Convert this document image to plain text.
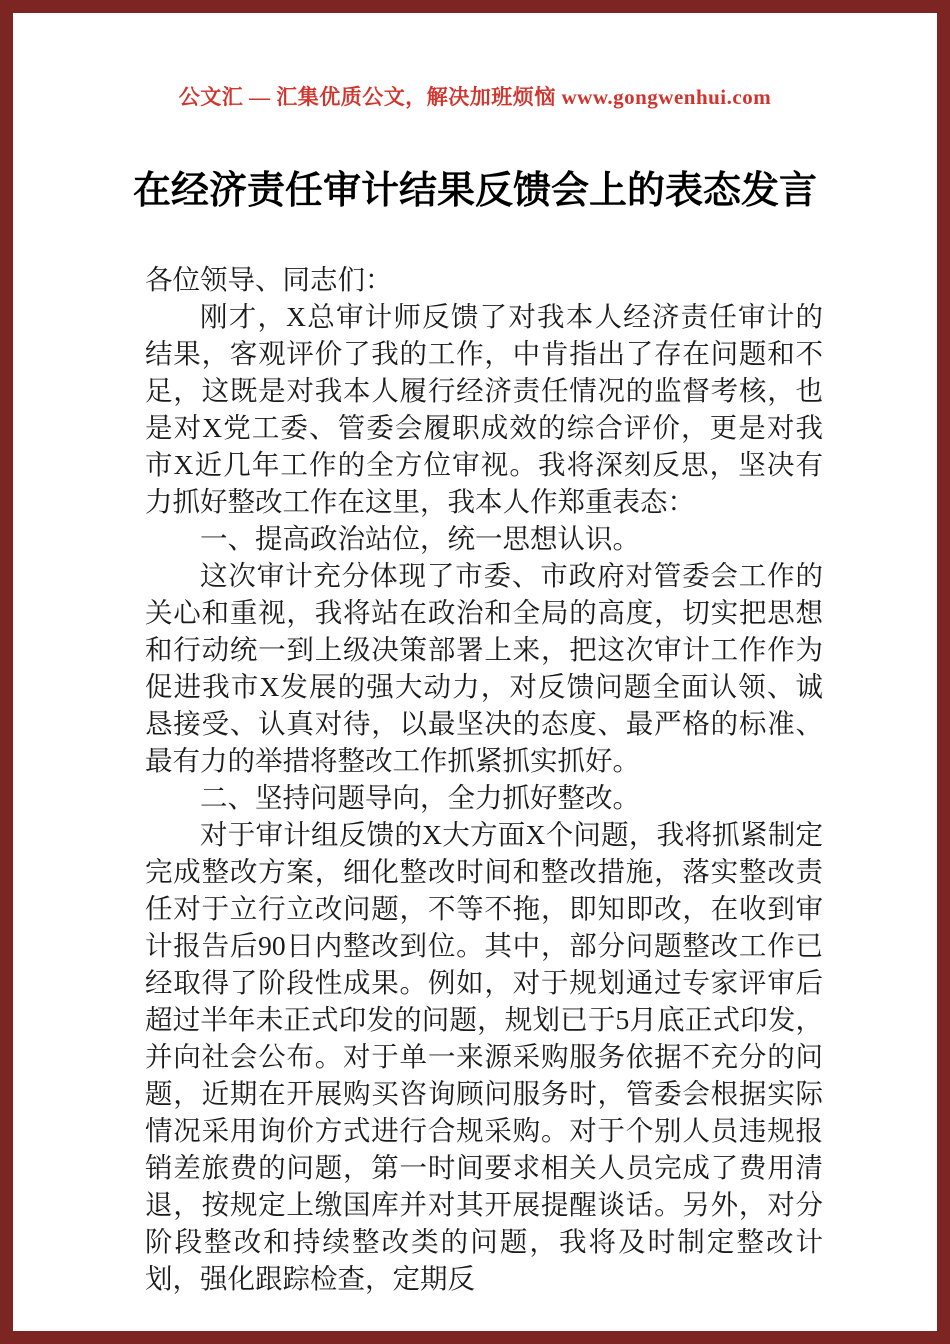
公文汇 — 汇集优质公文，解决加班烦恼 www.gongwenhui.com
在经济责任审计结果反馈会上的表态发言

各位领导、同志们：

刚才，X总审计师反馈了对我本人经济责任审计的结果，客观评价了我的工作，中肯指出了存在问题和不足，这既是对我本人履行经济责任情况的监督考核，也是对X党工委、管委会履职成效的综合评价，更是对我市X近几年工作的全方位审视。我将深刻反思，坚决有力抓好整改工作在这里，我本人作郑重表态：

一、提高政治站位，统一思想认识。

这次审计充分体现了市委、市政府对管委会工作的关心和重视，我将站在政治和全局的高度，切实把思想和行动统一到上级决策部署上来，把这次审计工作作为促进我市X发展的强大动力，对反馈问题全面认领、诚恳接受、认真对待，以最坚决的态度、最严格的标准、最有力的举措将整改工作抓紧抓实抓好。

二、坚持问题导向，全力抓好整改。

对于审计组反馈的X大方面X个问题，我将抓紧制定完成整改方案，细化整改时间和整改措施，落实整改责任对于立行立改问题，不等不拖，即知即改，在收到审计报告后90日内整改到位。其中，部分问题整改工作已经取得了阶段性成果。例如，对于规划通过专家评审后超过半年未正式印发的问题，规划已于5月底正式印发，并向社会公布。对于单一来源采购服务依据不充分的问题，近期在开展购买咨询顾问服务时，管委会根据实际情况采用询价方式进行合规采购。对于个别人员违规报销差旅费的问题，第一时间要求相关人员完成了费用清退，按规定上缴国库并对其开展提醒谈话。另外，对分阶段整改和持续整改类的问题，我将及时制定整改计划，强化跟踪检查，定期反
